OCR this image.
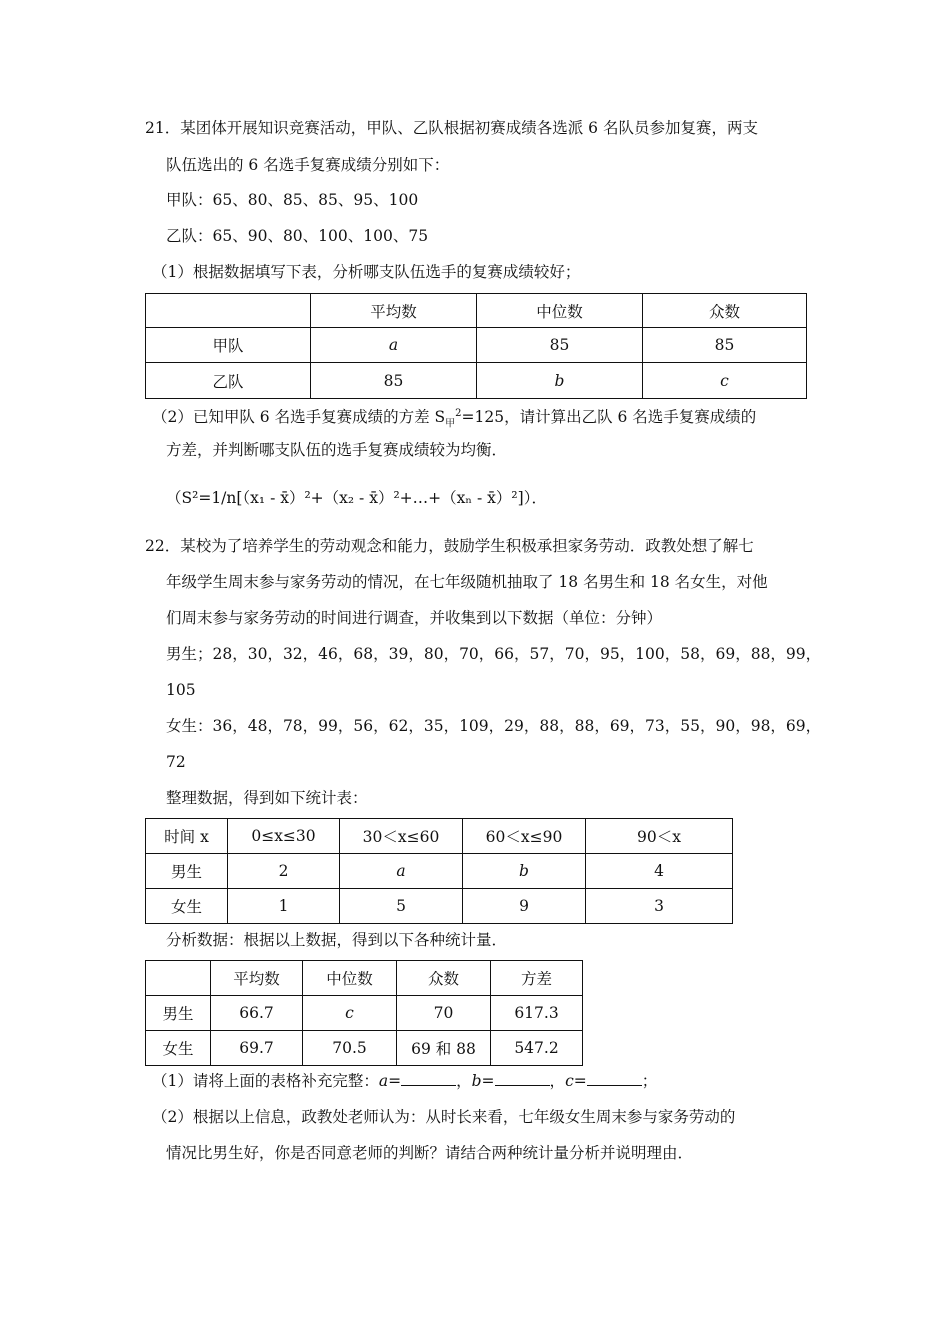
21．某团体开展知识竞赛活动，甲队、乙队根据初赛成绩各选派 6 名队员参加复赛，两支
队伍选出的 6 名选手复赛成绩分别如下：
甲队：65、80、85、85、95、100
乙队：65、90、80、100、100、75
（1）根据数据填写下表，分析哪支队伍选手的复赛成绩较好；
	平均数	中位数	众数
甲队	a	85	85
乙队	85	b	c
（2）已知甲队 6 名选手复赛成绩的方差 $S_甲^2=125$，请计算出乙队 6 名选手复赛成绩的
方差，并判断哪支队伍的选手复赛成绩较为均衡．
（S²=1/n[（x₁ - x̄）²+（x₂ - x̄）²+…+（xₙ - x̄）²]）．
22．某校为了培养学生的劳动观念和能力，鼓励学生积极承担家务劳动．政教处想了解七
年级学生周末参与家务劳动的情况，在七年级随机抽取了 18 名男生和 18 名女生，对他
们周末参与家务劳动的时间进行调查，并收集到以下数据（单位：分钟）
男生；28，30，32，46，68，39，80，70，66，57，70，95，100，58，69，88，99，
105
女生：36，48，78，99，56，62，35，109，29，88，88，69，73，55，90，98，69，
72
整理数据，得到如下统计表：
时间 x	0≤x≤30	30＜x≤60	60＜x≤90	90＜x
男生	2	a	b	4
女生	1	5	9	3
分析数据：根据以上数据，得到以下各种统计量．
	平均数	中位数	众数	方差
男生	66.7	c	70	617.3
女生	69.7	70.5	69 和 88	547.2
（1）请将上面的表格补充完整：a=	，b=	，c=	；
（2）根据以上信息，政教处老师认为：从时长来看，七年级女生周末参与家务劳动的
情况比男生好，你是否同意老师的判断？请结合两种统计量分析并说明理由．
